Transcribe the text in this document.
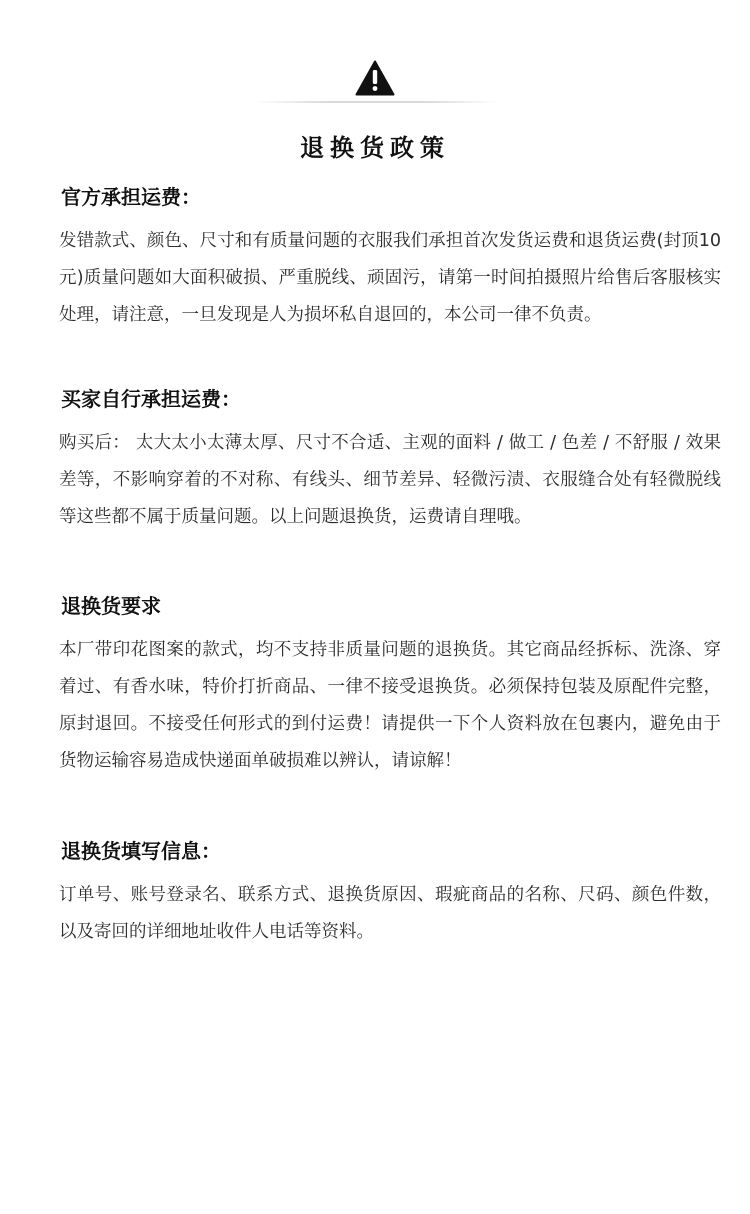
退换货政策
官方承担运费：

发错款式、颜色、尺寸和有质量问题的衣服我们承担首次发货运费和退货运费(封顶10元)质量问题如大面积破损、严重脱线、顽固污，请第一时间拍摄照片给售后客服核实处理，请注意，一旦发现是人为损坏私自退回的，本公司一律不负责。

买家自行承担运费：

购买后： 太大太小太薄太厚、尺寸不合适、主观的面料 / 做工 / 色差 / 不舒服 / 效果差等，不影响穿着的不对称、有线头、细节差异、轻微污渍、衣服缝合处有轻微脱线等这些都不属于质量问题。以上问题退换货，运费请自理哦。

退换货要求

本厂带印花图案的款式，均不支持非质量问题的退换货。其它商品经拆标、洗涤、穿着过、有香水味，特价打折商品、一律不接受退换货。必须保持包装及原配件完整，原封退回。不接受任何形式的到付运费！请提供一下个人资料放在包裹内，避免由于货物运输容易造成快递面单破损难以辨认，请谅解！

退换货填写信息：

订单号、账号登录名、联系方式、退换货原因、瑕疵商品的名称、尺码、颜色件数，以及寄回的详细地址收件人电话等资料。
